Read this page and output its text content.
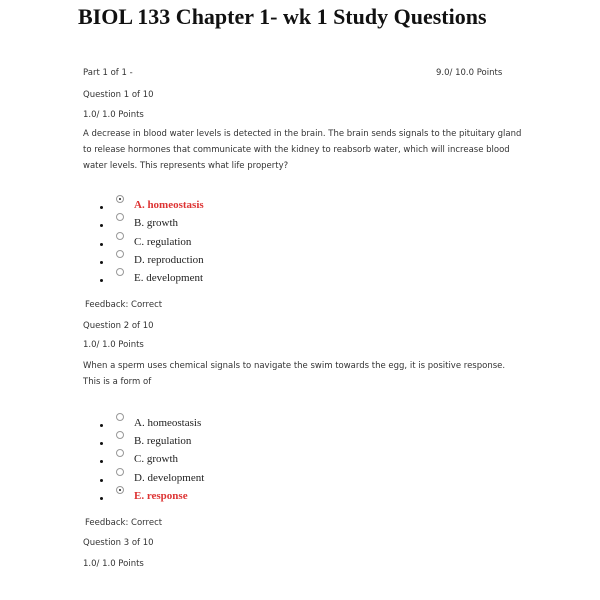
BIOL 133 Chapter 1- wk 1 Study Questions
Part 1 of 1 -	9.0/ 10.0 Points
Question 1 of 10
1.0/ 1.0 Points
A decrease in blood water levels is detected in the brain. The brain sends signals to the pituitary gland to release hormones that communicate with the kidney to reabsorb water, which will increase blood water levels. This represents what life property?
A. homeostasis
B. growth
C. regulation
D. reproduction
E. development
Feedback: Correct
Question 2 of 10
1.0/ 1.0 Points
When a sperm uses chemical signals to navigate the swim towards the egg, it is positive response. This is a form of
A. homeostasis
B. regulation
C. growth
D. development
E. response
Feedback: Correct
Question 3 of 10
1.0/ 1.0 Points
